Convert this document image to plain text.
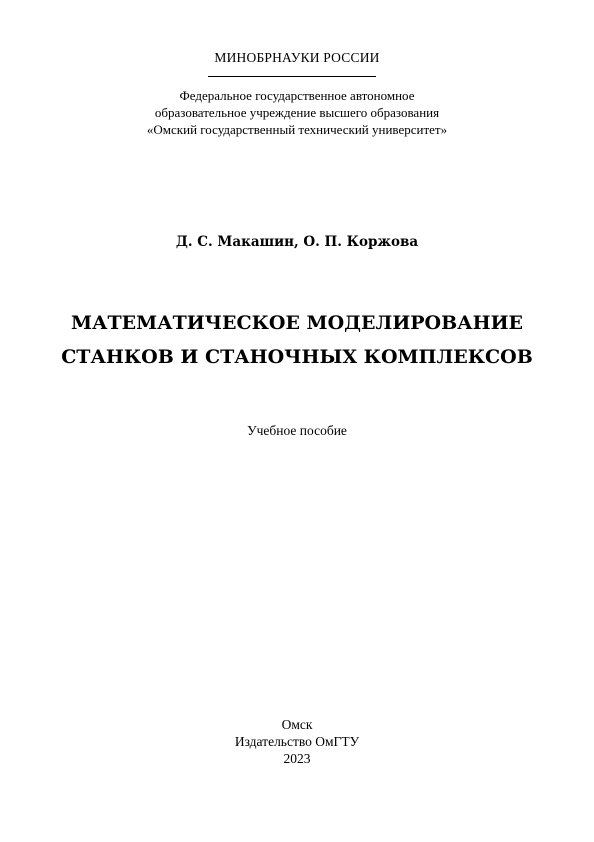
МИНОБРНАУКИ РОССИИ
Федеральное государственное автономное
образовательное учреждение высшего образования
«Омский государственный технический университет»
Д. С. Макашин, О. П. Коржова
МАТЕМАТИЧЕСКОЕ МОДЕЛИРОВАНИЕ
СТАНКОВ И СТАНОЧНЫХ КОМПЛЕКСОВ
Учебное пособие
Омск
Издательство ОмГТУ
2023
